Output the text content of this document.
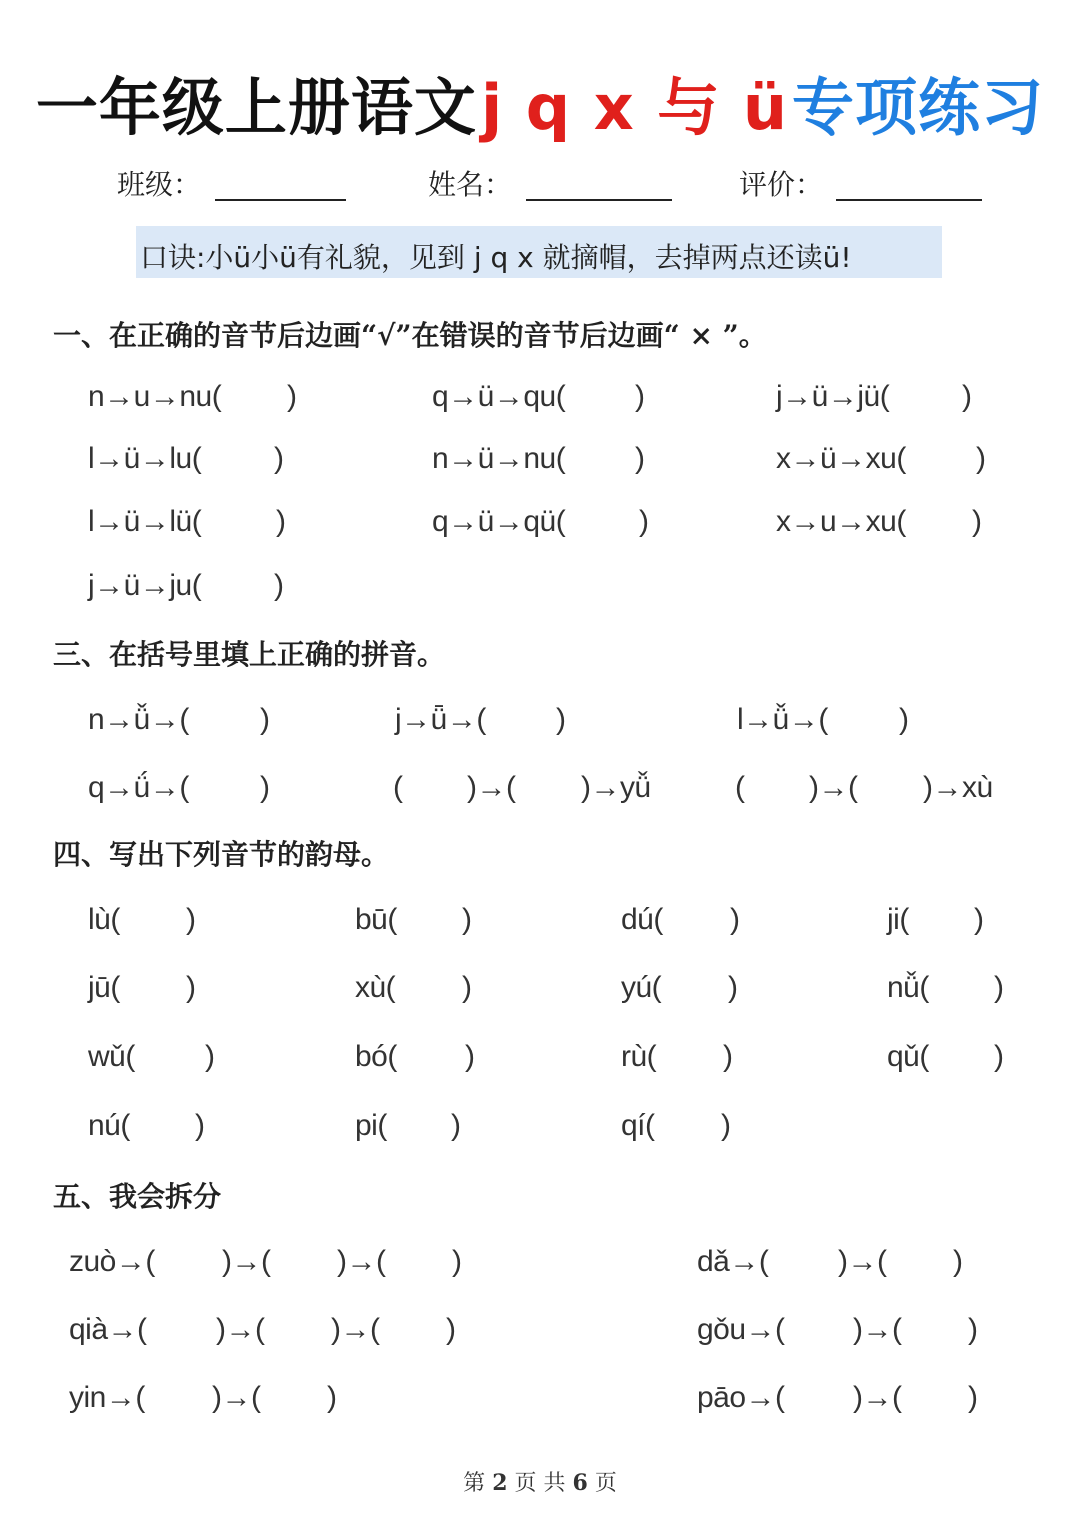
一年级上册语文j q x 与 ü专项练习
班级：	姓名：	评价：
口诀:小ü小ü有礼貌，见到 j q x 就摘帽，去掉两点还读ü!
一、在正确的音节后边画“√”在错误的音节后边画“ × ”。
n→u→nu( )	q→ü→qu( )	j→ü→jü( )
l→ü→lu( )	n→ü→nu( )	x→ü→xu( )
l→ü→lü( )	q→ü→qü( )	x→u→xu( )
j→ü→ju( )
三、在括号里填上正确的拼音。
n→ǚ→( )	j→ǖ→( )	l→ǚ→( )
q→ǘ→( )	( )→( )→yǚ	( )→( )→xù
四、写出下列音节的韵母。
lù( )	bū( )	dú( )	ji( )
jū( )	xù( )	yú( )	nǚ( )
wǔ( )	bó( )	rù( )	qǔ( )
nú( )	pi( )	qí( )
五、我会拆分
zuò→( )→( )→( )	dǎ→( )→( )
qià→( )→( )→( )	gǒu→( )→( )
yin→( )→( )	pāo→( )→( )
第 2 页 共 6 页
